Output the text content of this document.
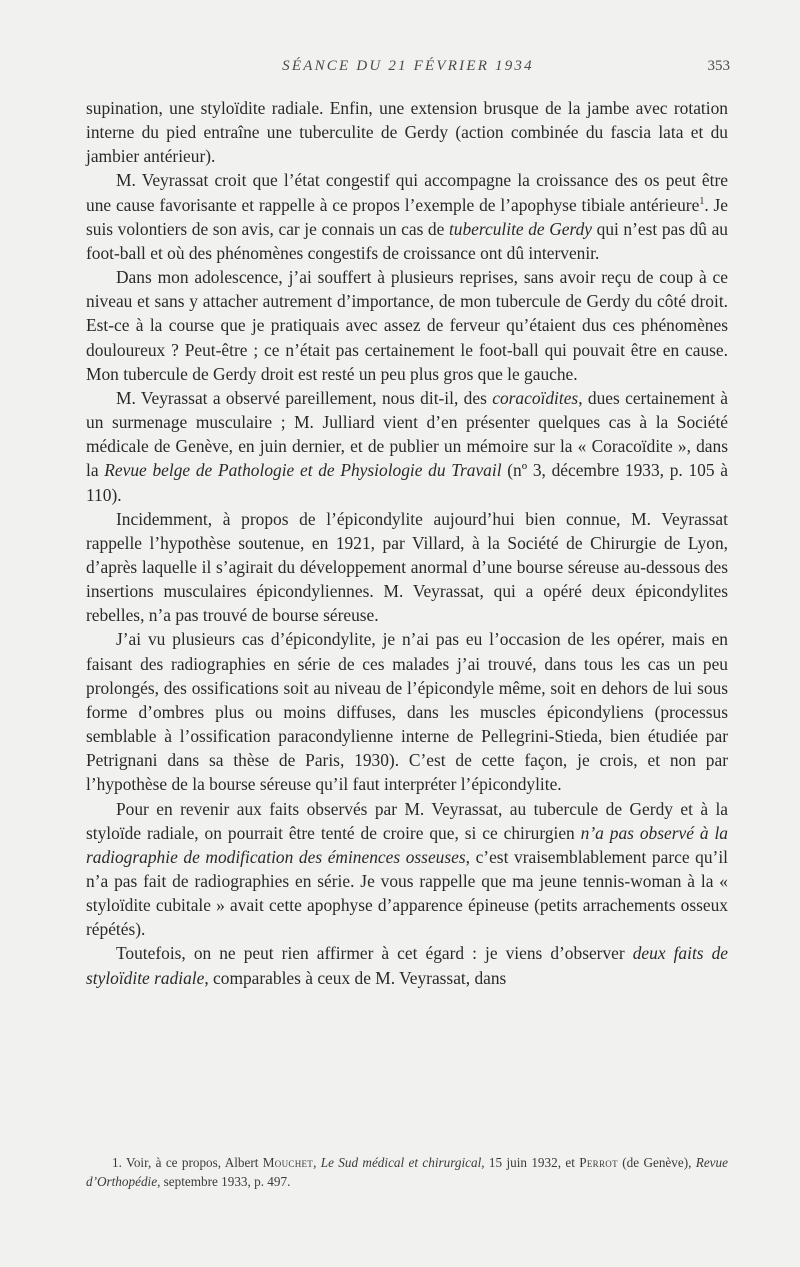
SÉANCE DU 21 FÉVRIER 1934	353

supination, une styloïdite radiale. Enfin, une extension brusque de la jambe avec rotation interne du pied entraîne une tuberculite de Gerdy (action combinée du fascia lata et du jambier antérieur).

M. Veyrassat croit que l’état congestif qui accompagne la croissance des os peut être une cause favorisante et rappelle à ce propos l’exemple de l’apophyse tibiale antérieure$^1$. Je suis volontiers de son avis, car je connais un cas de tuberculite de Gerdy qui n’est pas dû au foot-ball et où des phénomènes congestifs de croissance ont dû intervenir.

Dans mon adolescence, j’ai souffert à plusieurs reprises, sans avoir reçu de coup à ce niveau et sans y attacher autrement d’importance, de mon tubercule de Gerdy du côté droit. Est-ce à la course que je pratiquais avec assez de ferveur qu’étaient dus ces phénomènes douloureux ? Peut-être ; ce n’était pas certainement le foot-ball qui pouvait être en cause. Mon tubercule de Gerdy droit est resté un peu plus gros que le gauche.

M. Veyrassat a observé pareillement, nous dit-il, des coracoïdites, dues certainement à un surmenage musculaire ; M. Julliard vient d’en présenter quelques cas à la Société médicale de Genève, en juin dernier, et de publier un mémoire sur la « Coracoïdite », dans la Revue belge de Pathologie et de Physiologie du Travail (nº 3, décembre 1933, p. 105 à 110).

Incidemment, à propos de l’épicondylite aujourd’hui bien connue, M. Veyrassat rappelle l’hypothèse soutenue, en 1921, par Villard, à la Société de Chirurgie de Lyon, d’après laquelle il s’agirait du développement anormal d’une bourse séreuse au-dessous des insertions musculaires épicondyliennes. M. Veyrassat, qui a opéré deux épicondylites rebelles, n’a pas trouvé de bourse séreuse.

J’ai vu plusieurs cas d’épicondylite, je n’ai pas eu l’occasion de les opérer, mais en faisant des radiographies en série de ces malades j’ai trouvé, dans tous les cas un peu prolongés, des ossifications soit au niveau de l’épicondyle même, soit en dehors de lui sous forme d’ombres plus ou moins diffuses, dans les muscles épicondyliens (processus semblable à l’ossification paracondylienne interne de Pellegrini-Stieda, bien étudiée par Petrignani dans sa thèse de Paris, 1930). C’est de cette façon, je crois, et non par l’hypothèse de la bourse séreuse qu’il faut interpréter l’épicondylite.

Pour en revenir aux faits observés par M. Veyrassat, au tubercule de Gerdy et à la styloïde radiale, on pourrait être tenté de croire que, si ce chirurgien n’a pas observé à la radiographie de modification des éminences osseuses, c’est vraisemblablement parce qu’il n’a pas fait de radiographies en série. Je vous rappelle que ma jeune tennis-woman à la « styloïdite cubitale » avait cette apophyse d’apparence épineuse (petits arrachements osseux répétés).

Toutefois, on ne peut rien affirmer à cet égard : je viens d’observer deux faits de styloïdite radiale, comparables à ceux de M. Veyrassat, dans

1. Voir, à ce propos, Albert Mouchet, Le Sud médical et chirurgical, 15 juin 1932, et Perrot (de Genève), Revue d’Orthopédie, septembre 1933, p. 497.
